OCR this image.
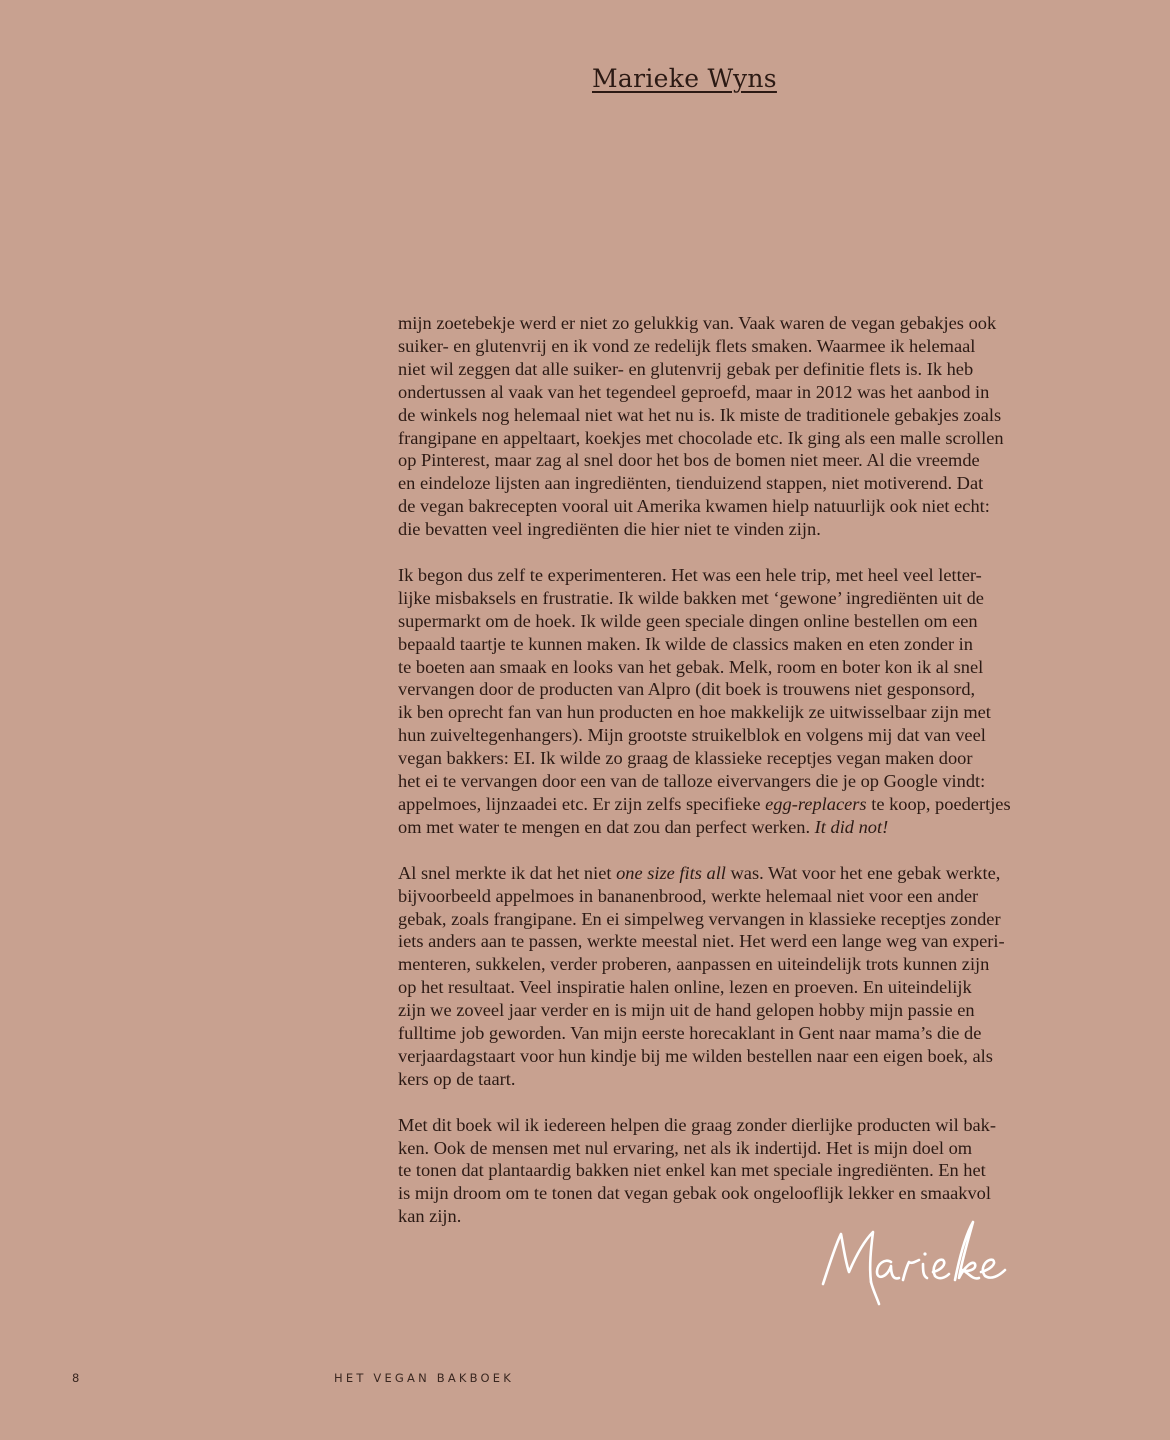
Marieke Wyns

mijn zoetebekje werd er niet zo gelukkig van. Vaak waren de vegan gebakjes ook
suiker- en glutenvrij en ik vond ze redelijk flets smaken. Waarmee ik helemaal
niet wil zeggen dat alle suiker- en glutenvrij gebak per definitie flets is. Ik heb
ondertussen al vaak van het tegendeel geproefd, maar in 2012 was het aanbod in
de winkels nog helemaal niet wat het nu is. Ik miste de traditionele gebakjes zoals
frangipane en appeltaart, koekjes met chocolade etc. Ik ging als een malle scrollen
op Pinterest, maar zag al snel door het bos de bomen niet meer. Al die vreemde
en eindeloze lijsten aan ingrediënten, tienduizend stappen, niet motiverend. Dat
de vegan bakrecepten vooral uit Amerika kwamen hielp natuurlijk ook niet echt:
die bevatten veel ingrediënten die hier niet te vinden zijn.

Ik begon dus zelf te experimenteren. Het was een hele trip, met heel veel letter-
lijke misbaksels en frustratie. Ik wilde bakken met ‘gewone’ ingrediënten uit de
supermarkt om de hoek. Ik wilde geen speciale dingen online bestellen om een
bepaald taartje te kunnen maken. Ik wilde de classics maken en eten zonder in
te boeten aan smaak en looks van het gebak. Melk, room en boter kon ik al snel
vervangen door de producten van Alpro (dit boek is trouwens niet gesponsord,
ik ben oprecht fan van hun producten en hoe makkelijk ze uitwisselbaar zijn met
hun zuiveltegenhangers). Mijn grootste struikelblok en volgens mij dat van veel
vegan bakkers: EI. Ik wilde zo graag de klassieke receptjes vegan maken door
het ei te vervangen door een van de talloze eivervangers die je op Google vindt:
appelmoes, lijnzaadei etc. Er zijn zelfs specifieke egg-replacers te koop, poedertjes
om met water te mengen en dat zou dan perfect werken. It did not!

Al snel merkte ik dat het niet one size fits all was. Wat voor het ene gebak werkte,
bijvoorbeeld appelmoes in bananenbrood, werkte helemaal niet voor een ander
gebak, zoals frangipane. En ei simpelweg vervangen in klassieke receptjes zonder
iets anders aan te passen, werkte meestal niet. Het werd een lange weg van experi-
menteren, sukkelen, verder proberen, aanpassen en uiteindelijk trots kunnen zijn
op het resultaat. Veel inspiratie halen online, lezen en proeven. En uiteindelijk
zijn we zoveel jaar verder en is mijn uit de hand gelopen hobby mijn passie en
fulltime job geworden. Van mijn eerste horecaklant in Gent naar mama’s die de
verjaardagstaart voor hun kindje bij me wilden bestellen naar een eigen boek, als
kers op de taart.

Met dit boek wil ik iedereen helpen die graag zonder dierlijke producten wil bak-
ken. Ook de mensen met nul ervaring, net als ik indertijd. Het is mijn doel om
te tonen dat plantaardig bakken niet enkel kan met speciale ingrediënten. En het
is mijn droom om te tonen dat vegan gebak ook ongelooflijk lekker en smaakvol
kan zijn.

8	HET VEGAN BAKBOEK
